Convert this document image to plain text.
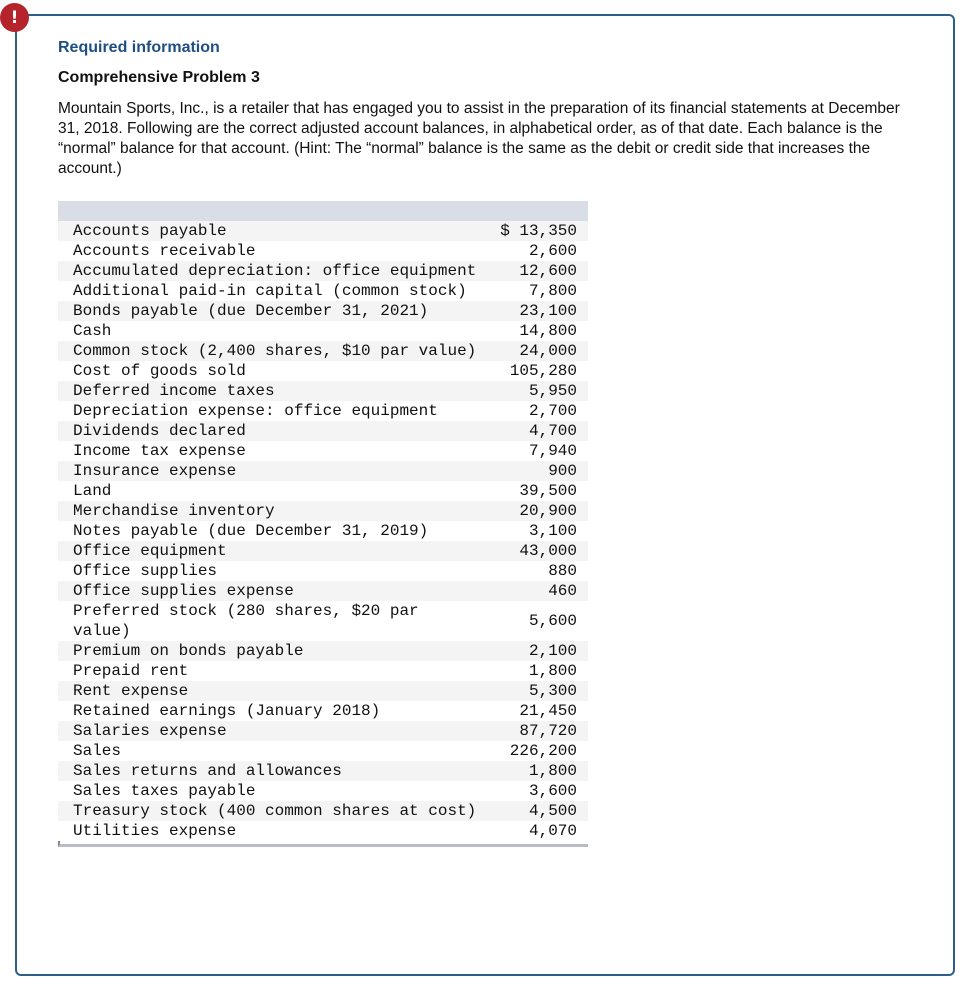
!
Required information
Comprehensive Problem 3

Mountain Sports, Inc., is a retailer that has engaged you to assist in the preparation of its financial statements at December 31, 2018. Following are the correct adjusted account balances, in alphabetical order, as of that date. Each balance is the “normal” balance for that account. (Hint: The “normal” balance is the same as the debit or credit side that increases the account.)

Accounts payable	$ 13,350
Accounts receivable	2,600
Accumulated depreciation: office equipment	12,600
Additional paid-in capital (common stock)	7,800
Bonds payable (due December 31, 2021)	23,100
Cash	14,800
Common stock (2,400 shares, $10 par value)	24,000
Cost of goods sold	105,280
Deferred income taxes	5,950
Depreciation expense: office equipment	2,700
Dividends declared	4,700
Income tax expense	7,940
Insurance expense	900
Land	39,500
Merchandise inventory	20,900
Notes payable (due December 31, 2019)	3,100
Office equipment	43,000
Office supplies	880
Office supplies expense	460
Preferred stock (280 shares, $20 par value)	5,600
Premium on bonds payable	2,100
Prepaid rent	1,800
Rent expense	5,300
Retained earnings (January 2018)	21,450
Salaries expense	87,720
Sales	226,200
Sales returns and allowances	1,800
Sales taxes payable	3,600
Treasury stock (400 common shares at cost)	4,500
Utilities expense	4,070
